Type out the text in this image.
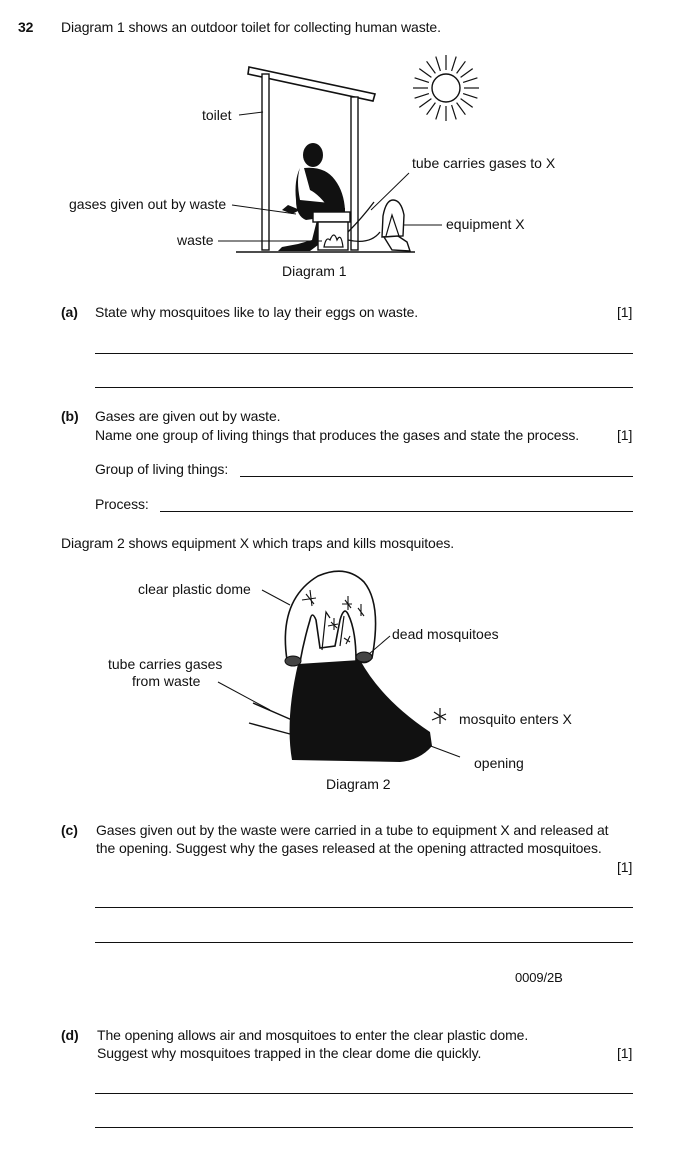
32 Diagram 1 shows an outdoor toilet for collecting human waste.
toilet
gases given out by waste
waste
tube carries gases to X
equipment X
Diagram 1
(a) State why mosquitoes like to lay their eggs on waste.	[1]
(b) Gases are given out by waste.
Name one group of living things that produces the gases and state the process.	[1]
Group of living things:
Process:
Diagram 2 shows equipment X which traps and kills mosquitoes.
clear plastic dome
dead mosquitoes
tube carries gases
from waste
mosquito enters X
opening
Diagram 2
(c) Gases given out by the waste were carried in a tube to equipment X and released at
the opening. Suggest why the gases released at the opening attracted mosquitoes.
[1]
0009/2B
(d) The opening allows air and mosquitoes to enter the clear plastic dome.
Suggest why mosquitoes trapped in the clear dome die quickly.	[1]
